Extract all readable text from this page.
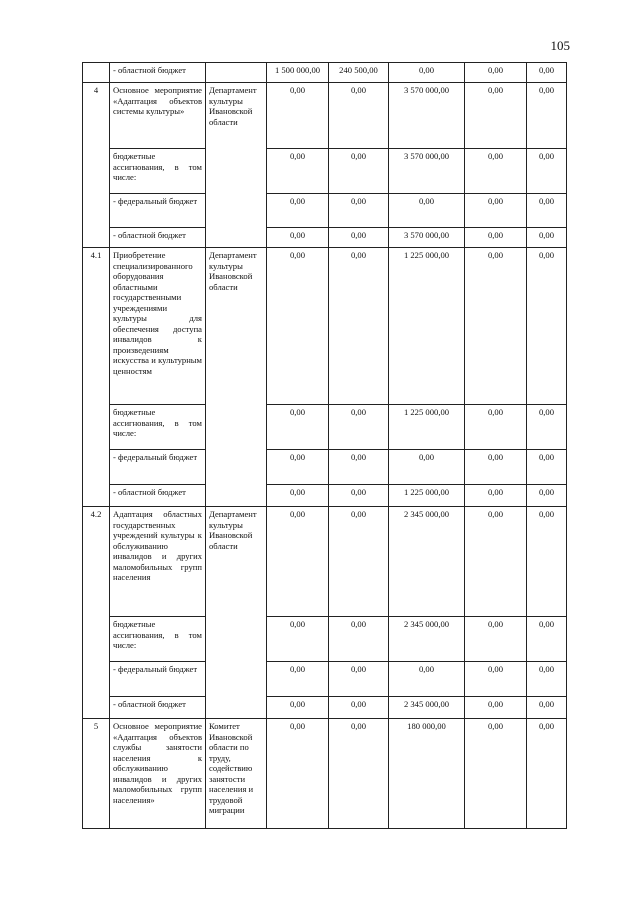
105
	- областной бюджет		1 500 000,00	240 500,00	0,00	0,00	0,00
4	Основное мероприятие «Адаптация объектов системы культуры»	Департамент культуры Ивановской области	0,00	0,00	3 570 000,00	0,00	0,00
	бюджетные ассигнования, в том числе:		0,00	0,00	3 570 000,00	0,00	0,00
	- федеральный бюджет		0,00	0,00	0,00	0,00	0,00
	- областной бюджет		0,00	0,00	3 570 000,00	0,00	0,00
4.1	Приобретение специализированного оборудования областными государственными учреждениями культуры для обеспечения доступа инвалидов к произведениям искусства и культурным ценностям	Департамент культуры Ивановской области	0,00	0,00	1 225 000,00	0,00	0,00
	бюджетные ассигнования, в том числе:		0,00	0,00	1 225 000,00	0,00	0,00
	- федеральный бюджет		0,00	0,00	0,00	0,00	0,00
	- областной бюджет		0,00	0,00	1 225 000,00	0,00	0,00
4.2	Адаптация областных государственных учреждений культуры к обслуживанию инвалидов и других маломобильных групп населения	Департамент культуры Ивановской области	0,00	0,00	2 345 000,00	0,00	0,00
	бюджетные ассигнования, в том числе:		0,00	0,00	2 345 000,00	0,00	0,00
	- федеральный бюджет		0,00	0,00	0,00	0,00	0,00
	- областной бюджет		0,00	0,00	2 345 000,00	0,00	0,00
5	Основное мероприятие «Адаптация объектов службы занятости населения к обслуживанию инвалидов и других маломобильных групп населения»	Комитет Ивановской области по труду, содействию занятости населения и трудовой миграции	0,00	0,00	180 000,00	0,00	0,00
